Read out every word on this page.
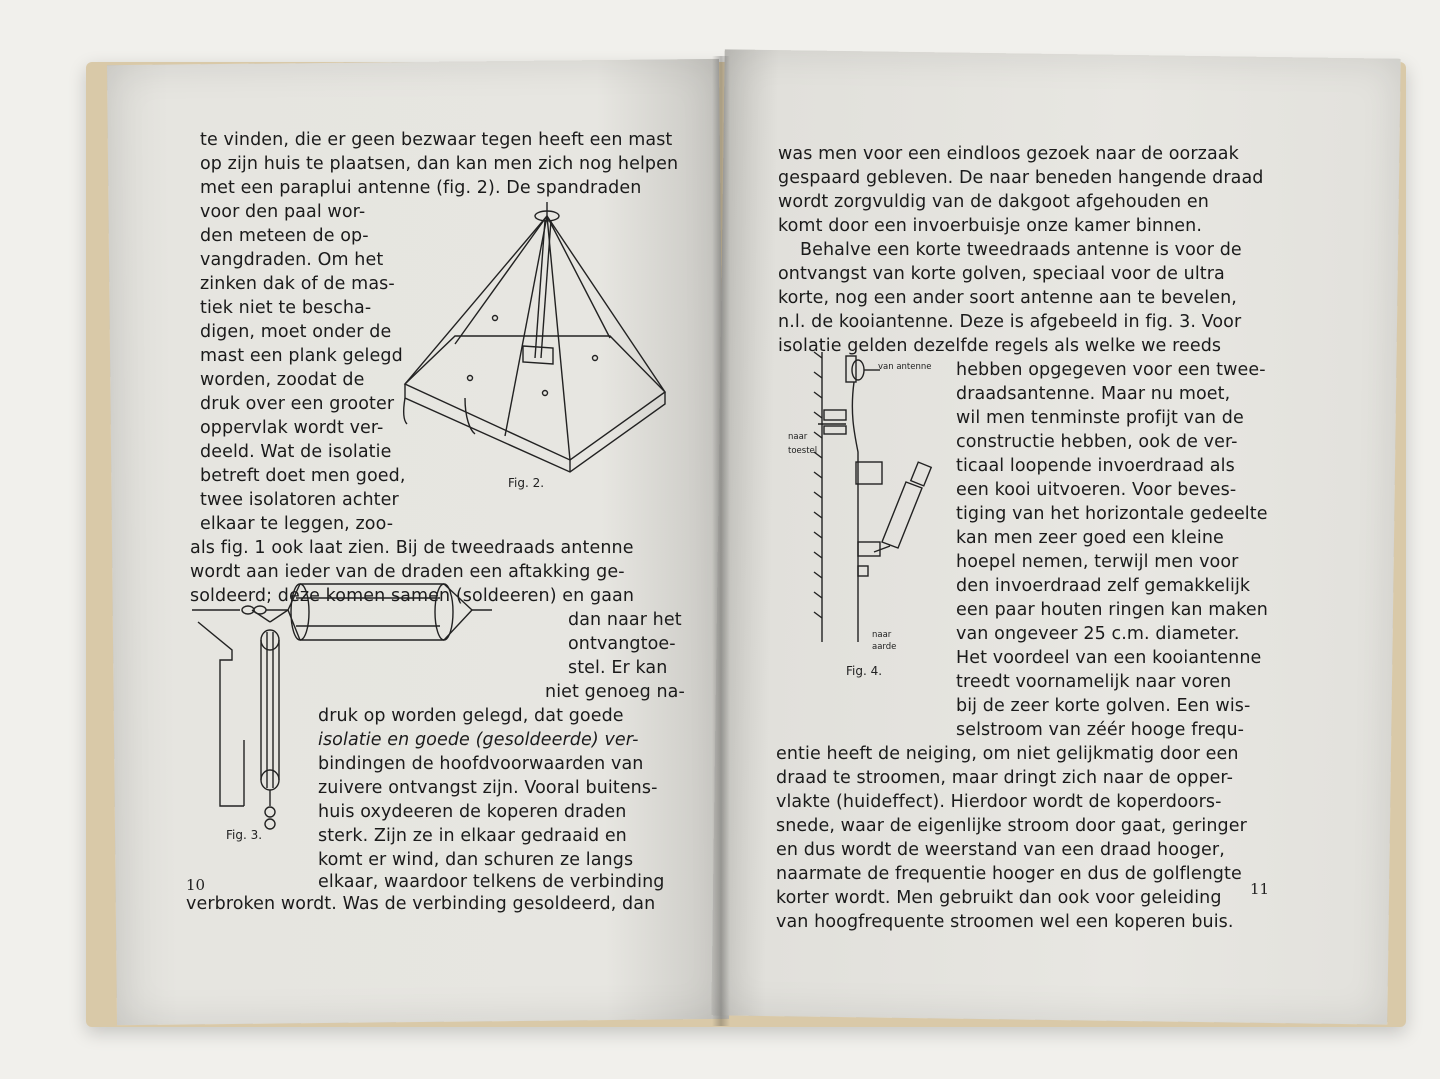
te vinden, die er geen bezwaar tegen heeft een mast
op zijn huis te plaatsen, dan kan men zich nog helpen
met een paraplui antenne (fig. 2). De spandraden
voor den paal wor-
den meteen de op-
vangdraden. Om het
zinken dak of de mas-
tiek niet te bescha-
digen, moet onder de
mast een plank gelegd
worden, zoodat de
druk over een grooter
oppervlak wordt ver-
deeld. Wat de isolatie
betreft doet men goed,
twee isolatoren achter
elkaar te leggen, zoo-
als fig. 1 ook laat zien. Bij de tweedraads antenne
wordt aan ieder van de draden een aftakking ge-
soldeerd; deze komen samen (soldeeren) en gaan
dan naar het
ontvangtoe-
stel. Er kan
niet genoeg na-
druk op worden gelegd, dat goede
isolatie en goede (gesoldeerde) ver-
bindingen de hoofdvoorwaarden van
zuivere ontvangst zijn. Vooral buitens-
huis oxydeeren de koperen draden
sterk. Zijn ze in elkaar gedraaid en
komt er wind, dan schuren ze langs
elkaar, waardoor telkens de verbinding
verbroken wordt. Was de verbinding gesoldeerd, dan
Fig. 2.
Fig. 3.
10
was men voor een eindloos gezoek naar de oorzaak
gespaard gebleven. De naar beneden hangende draad
wordt zorgvuldig van de dakgoot afgehouden en
komt door een invoerbuisje onze kamer binnen.
Behalve een korte tweedraads antenne is voor de
ontvangst van korte golven, speciaal voor de ultra
korte, nog een ander soort antenne aan te bevelen,
n.l. de kooiantenne. Deze is afgebeeld in fig. 3. Voor
isolatie gelden dezelfde regels als welke we reeds
hebben opgegeven voor een twee-
draadsantenne. Maar nu moet,
wil men tenminste profijt van de
constructie hebben, ook de ver-
ticaal loopende invoerdraad als
een kooi uitvoeren. Voor beves-
tiging van het horizontale gedeelte
kan men zeer goed een kleine
hoepel nemen, terwijl men voor
den invoerdraad zelf gemakkelijk
een paar houten ringen kan maken
van ongeveer 25 c.m. diameter.
Het voordeel van een kooiantenne
treedt voornamelijk naar voren
bij de zeer korte golven. Een wis-
selstroom van zéér hooge frequ-
entie heeft de neiging, om niet gelijkmatig door een
draad te stroomen, maar dringt zich naar de opper-
vlakte (huideffect). Hierdoor wordt de koperdoors-
snede, waar de eigenlijke stroom door gaat, geringer
en dus wordt de weerstand van een draad hooger,
naarmate de frequentie hooger en dus de golflengte
korter wordt. Men gebruikt dan ook voor geleiding
van hoogfrequente stroomen wel een koperen buis.
van antenne
naar
toestel
naar
aarde
Fig. 4.
11
